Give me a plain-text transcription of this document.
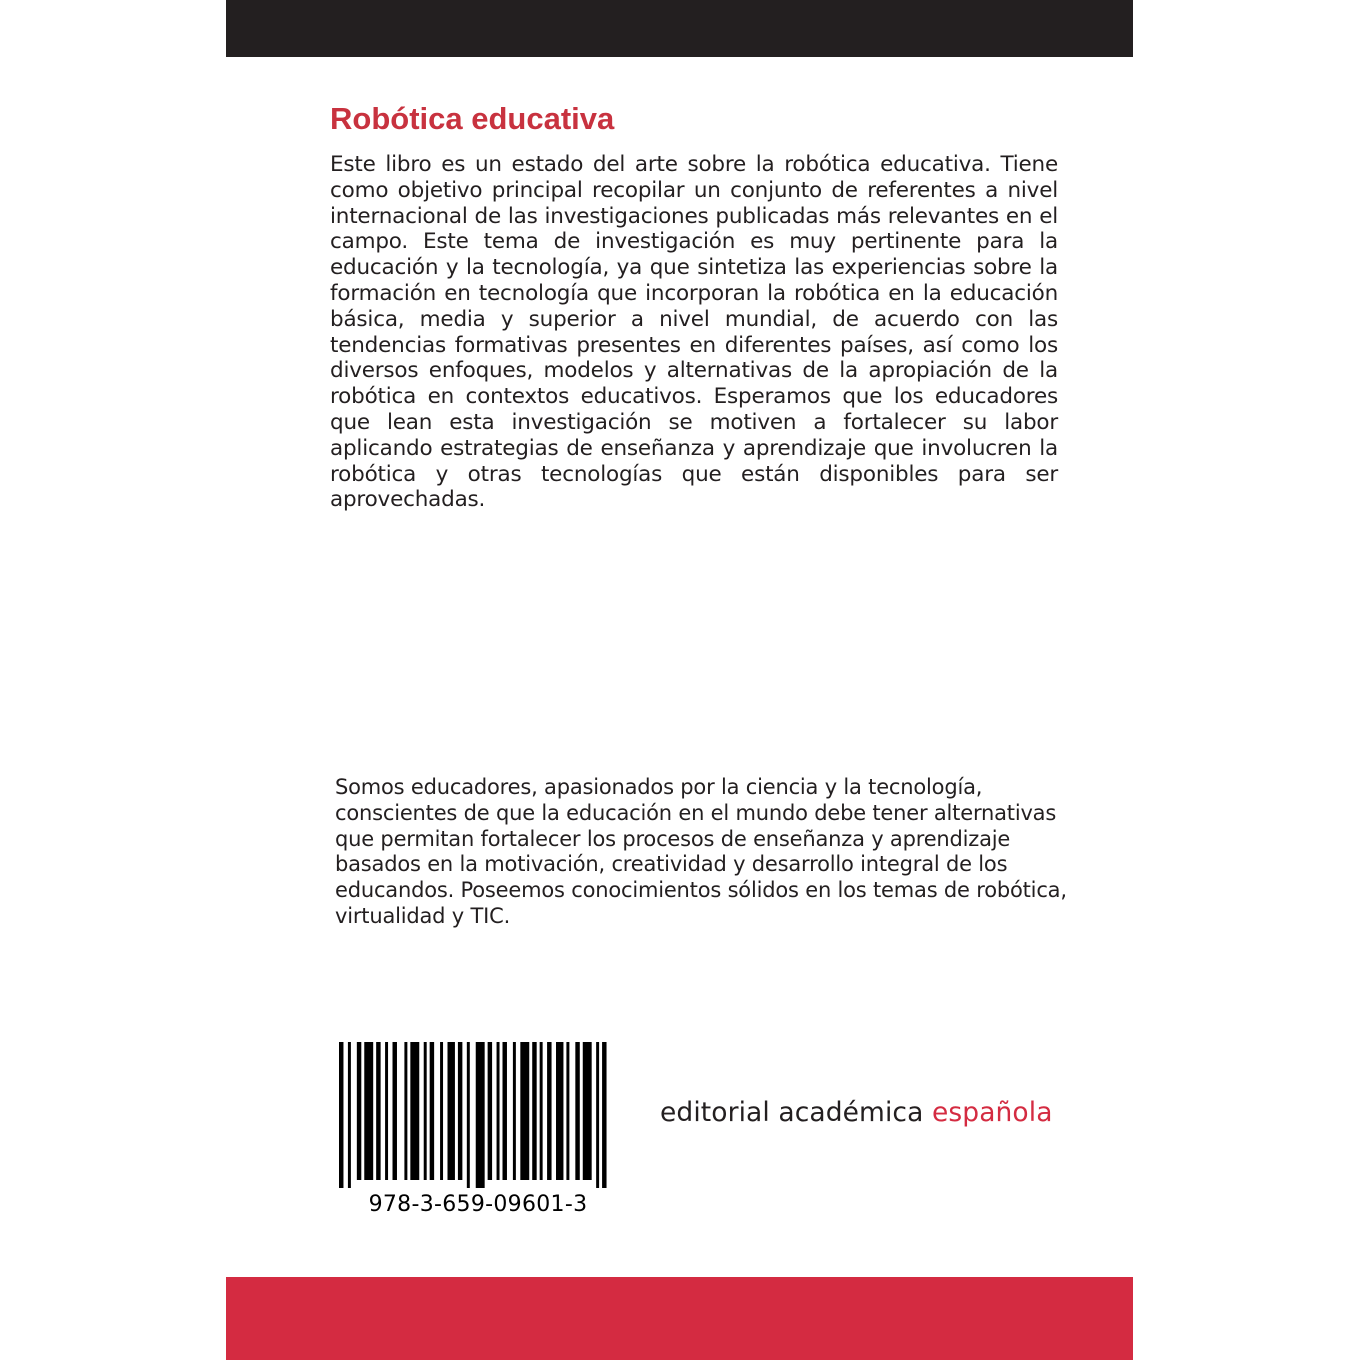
Robótica educativa

Este libro es un estado del arte sobre la robótica educativa. Tiene como objetivo principal recopilar un conjunto de referentes a nivel internacional de las investigaciones publicadas más relevantes en el campo. Este tema de investigación es muy pertinente para la educación y la tecnología, ya que sintetiza las experiencias sobre la formación en tecnología que incorporan la robótica en la educación básica, media y superior a nivel mundial, de acuerdo con las tendencias formativas presentes en diferentes países, así como los diversos enfoques, modelos y alternativas de la apropiación de la robótica en contextos educativos. Esperamos que los educadores que lean esta investigación se motiven a fortalecer su labor aplicando estrategias de enseñanza y aprendizaje que involucren la robótica y otras tecnologías que están disponibles para ser aprovechadas.

Somos educadores, apasionados por la ciencia y la tecnología,
conscientes de que la educación en el mundo debe tener alternativas
que permitan fortalecer los procesos de enseñanza y aprendizaje
basados en la motivación, creatividad y desarrollo integral de los
educandos. Poseemos conocimientos sólidos en los temas de robótica,
virtualidad y TIC.

978-3-659-09601-3

editorial académica española
